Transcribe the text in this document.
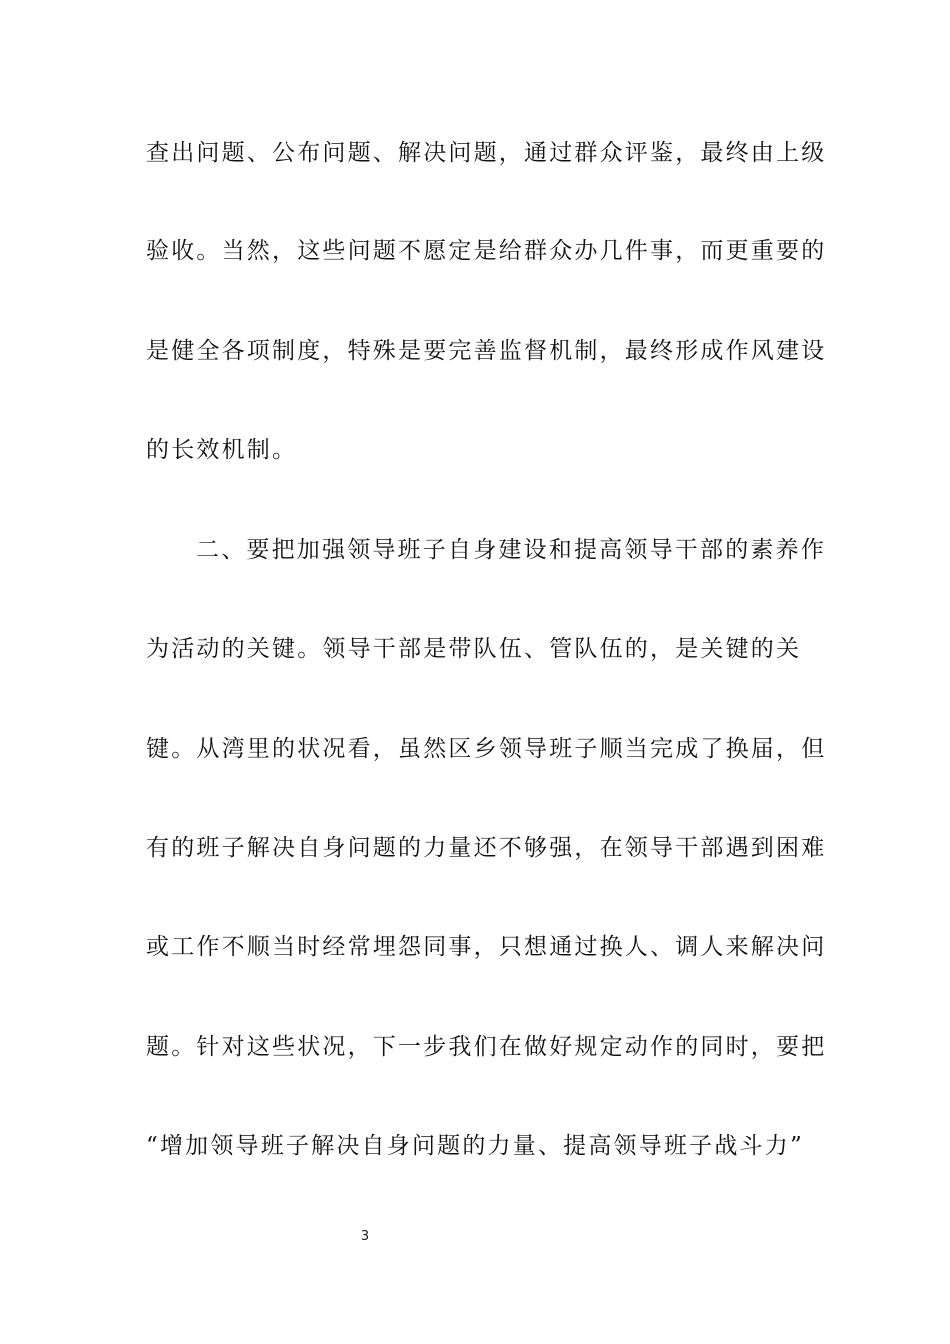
查出问题、公布问题、解决问题，通过群众评鉴，最终由上级
验收。当然，这些问题不愿定是给群众办几件事，而更重要的
是健全各项制度，特殊是要完善监督机制，最终形成作风建设
的长效机制。
二、要把加强领导班子自身建设和提高领导干部的素养作
为活动的关键。领导干部是带队伍、管队伍的，是关键的关
键。从湾里的状况看，虽然区乡领导班子顺当完成了换届，但
有的班子解决自身问题的力量还不够强，在领导干部遇到困难
或工作不顺当时经常埋怨同事，只想通过换人、调人来解决问
题。针对这些状况，下一步我们在做好规定动作的同时，要把
“增加领导班子解决自身问题的力量、提高领导班子战斗力”
3
